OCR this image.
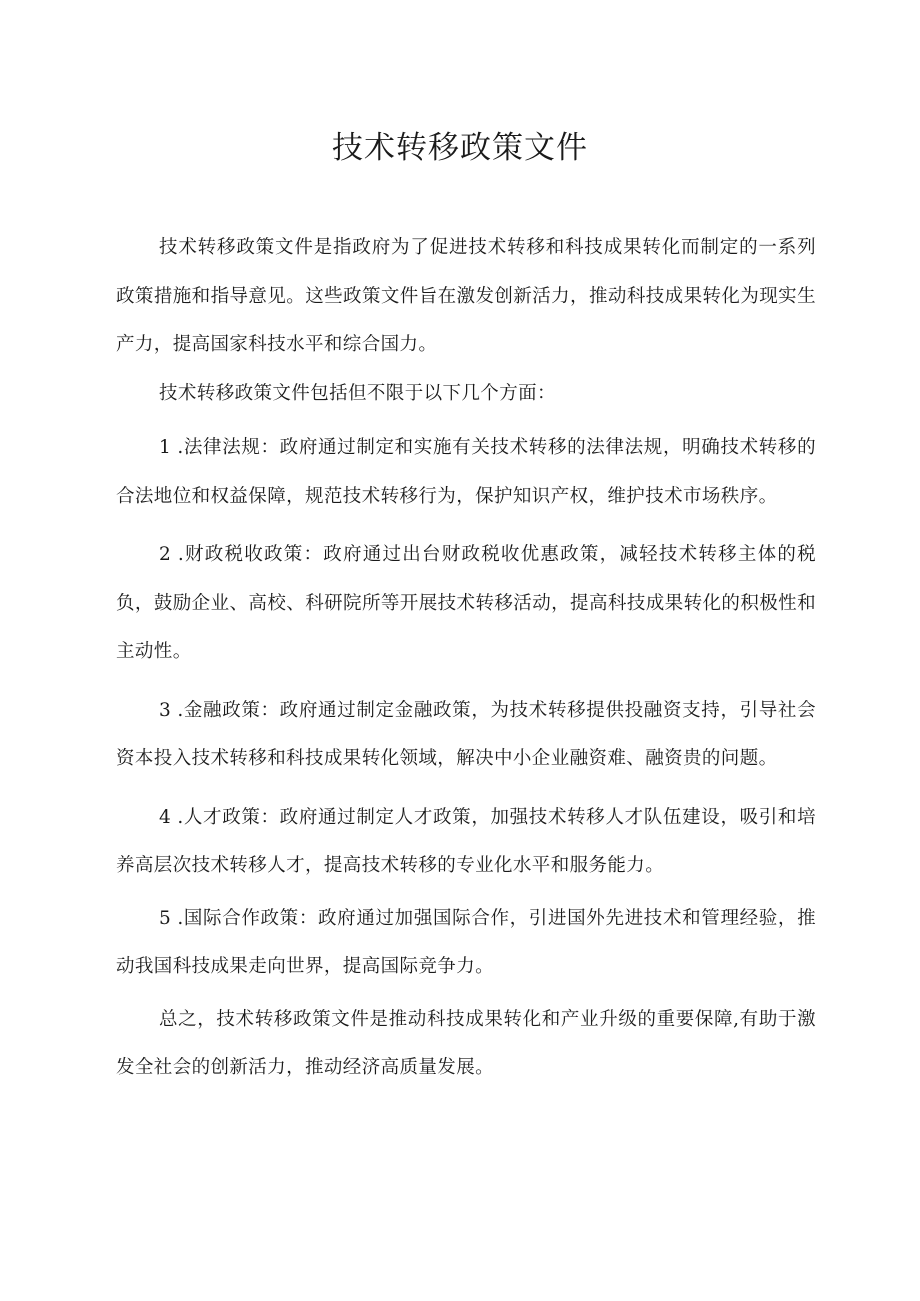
技术转移政策文件

技术转移政策文件是指政府为了促进技术转移和科技成果转化而制定的一系列政策措施和指导意见。这些政策文件旨在激发创新活力，推动科技成果转化为现实生产力，提高国家科技水平和综合国力。

技术转移政策文件包括但不限于以下几个方面：

1 .法律法规：政府通过制定和实施有关技术转移的法律法规，明确技术转移的合法地位和权益保障，规范技术转移行为，保护知识产权，维护技术市场秩序。

2 .财政税收政策：政府通过出台财政税收优惠政策，减轻技术转移主体的税负，鼓励企业、高校、科研院所等开展技术转移活动，提高科技成果转化的积极性和主动性。

3 .金融政策：政府通过制定金融政策，为技术转移提供投融资支持，引导社会资本投入技术转移和科技成果转化领域，解决中小企业融资难、融资贵的问题。

4 .人才政策：政府通过制定人才政策，加强技术转移人才队伍建设，吸引和培养高层次技术转移人才，提高技术转移的专业化水平和服务能力。

5 .国际合作政策：政府通过加强国际合作，引进国外先进技术和管理经验，推动我国科技成果走向世界，提高国际竞争力。

总之，技术转移政策文件是推动科技成果转化和产业升级的重要保障,有助于激发全社会的创新活力，推动经济高质量发展。
